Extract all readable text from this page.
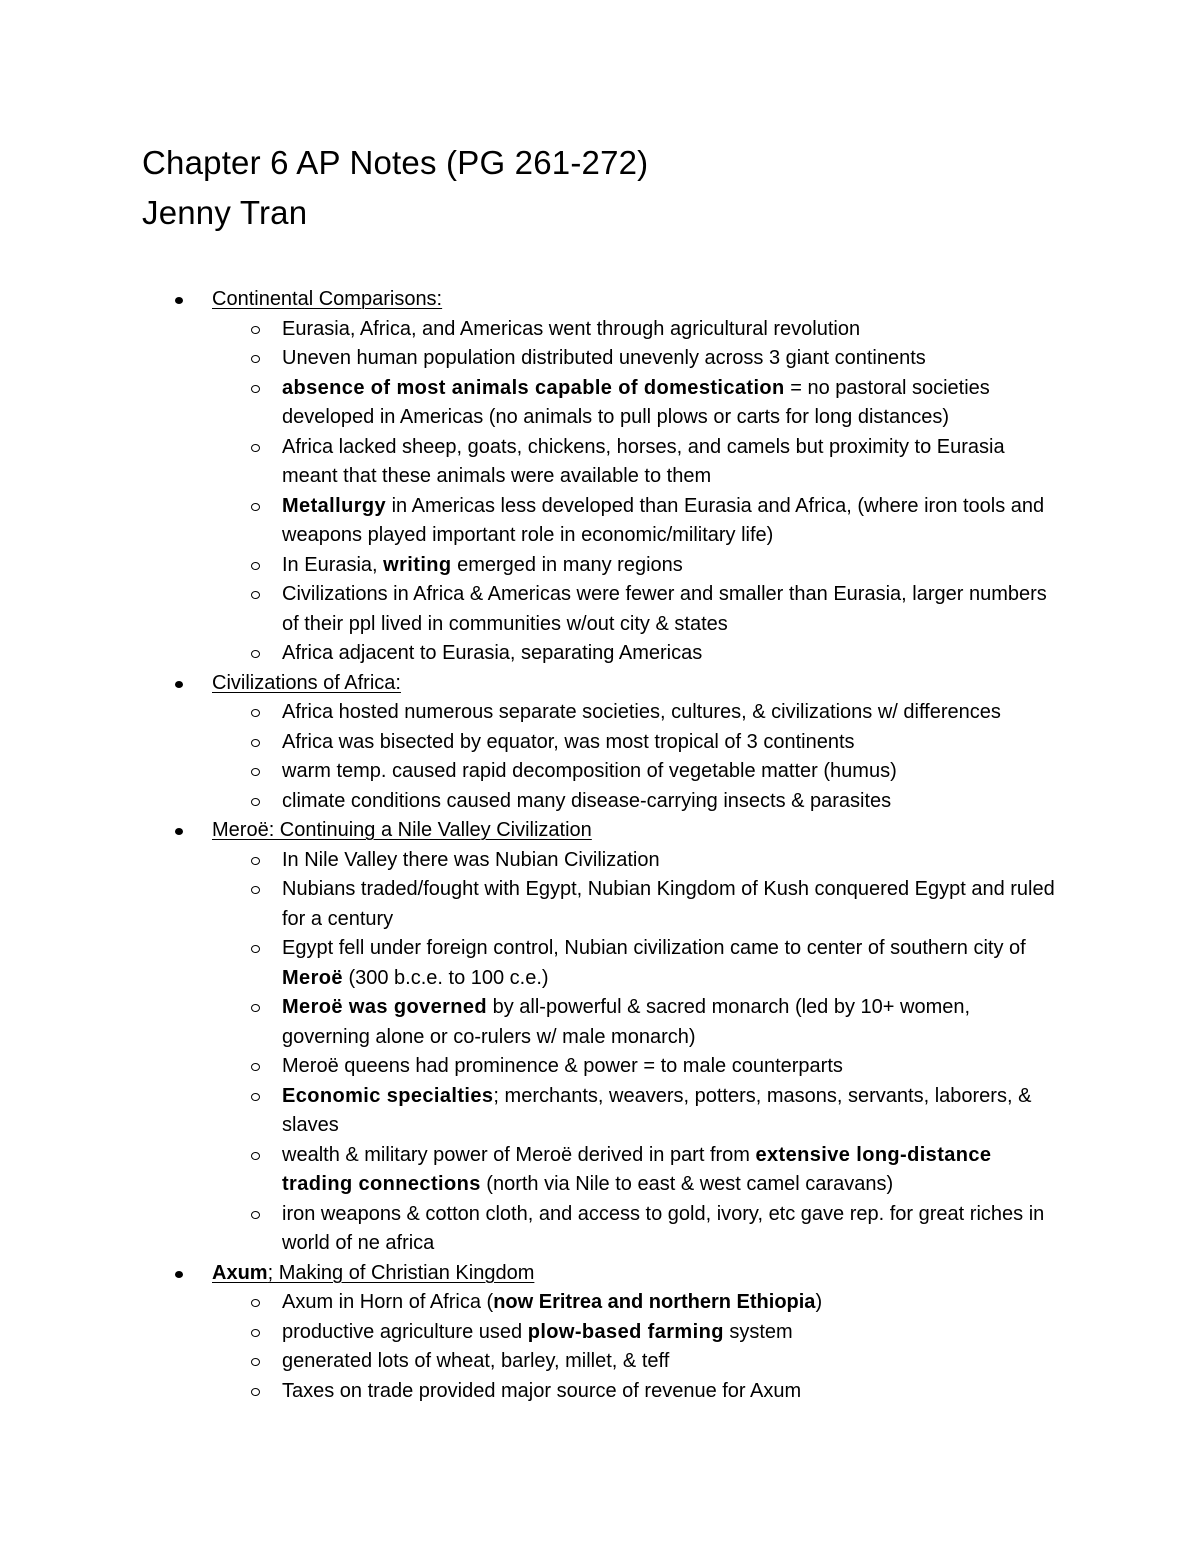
Chapter 6 AP Notes (PG 261-272)
Jenny Tran
Continental Comparisons:
Eurasia, Africa, and Americas went through agricultural revolution
Uneven human population distributed unevenly across 3 giant continents
absence of most animals capable of domestication = no pastoral societies developed in Americas (no animals to pull plows or carts for long distances)
Africa lacked sheep, goats, chickens, horses, and camels but proximity to Eurasia meant that these animals were available to them
Metallurgy in Americas less developed than Eurasia and Africa, (where iron tools and weapons played important role in economic/military life)
In Eurasia, writing emerged in many regions
Civilizations in Africa & Americas were fewer and smaller than Eurasia, larger numbers of their ppl lived in communities w/out city & states
Africa adjacent to Eurasia, separating Americas
Civilizations of Africa:
Africa hosted numerous separate societies, cultures, & civilizations w/ differences
Africa was bisected by equator, was most tropical of 3 continents
warm temp. caused rapid decomposition of vegetable matter (humus)
climate conditions caused many disease-carrying insects & parasites
Meroë: Continuing a Nile Valley Civilization
In Nile Valley there was Nubian Civilization
Nubians traded/fought with Egypt, Nubian Kingdom of Kush conquered Egypt and ruled for a century
Egypt fell under foreign control, Nubian civilization came to center of southern city of Meroë (300 b.c.e. to 100 c.e.)
Meroë was governed by all-powerful & sacred monarch (led by 10+ women, governing alone or co-rulers w/ male monarch)
Meroë queens had prominence & power = to male counterparts
Economic specialties; merchants, weavers, potters, masons, servants, laborers, & slaves
wealth & military power of Meroë derived in part from extensive long-distance trading connections (north via Nile to east & west camel caravans)
iron weapons & cotton cloth, and access to gold, ivory, etc gave rep. for great riches in world of ne africa
Axum; Making of Christian Kingdom
Axum in Horn of Africa (now Eritrea and northern Ethiopia)
productive agriculture used plow-based farming system
generated lots of wheat, barley, millet, & teff
Taxes on trade provided major source of revenue for Axum
